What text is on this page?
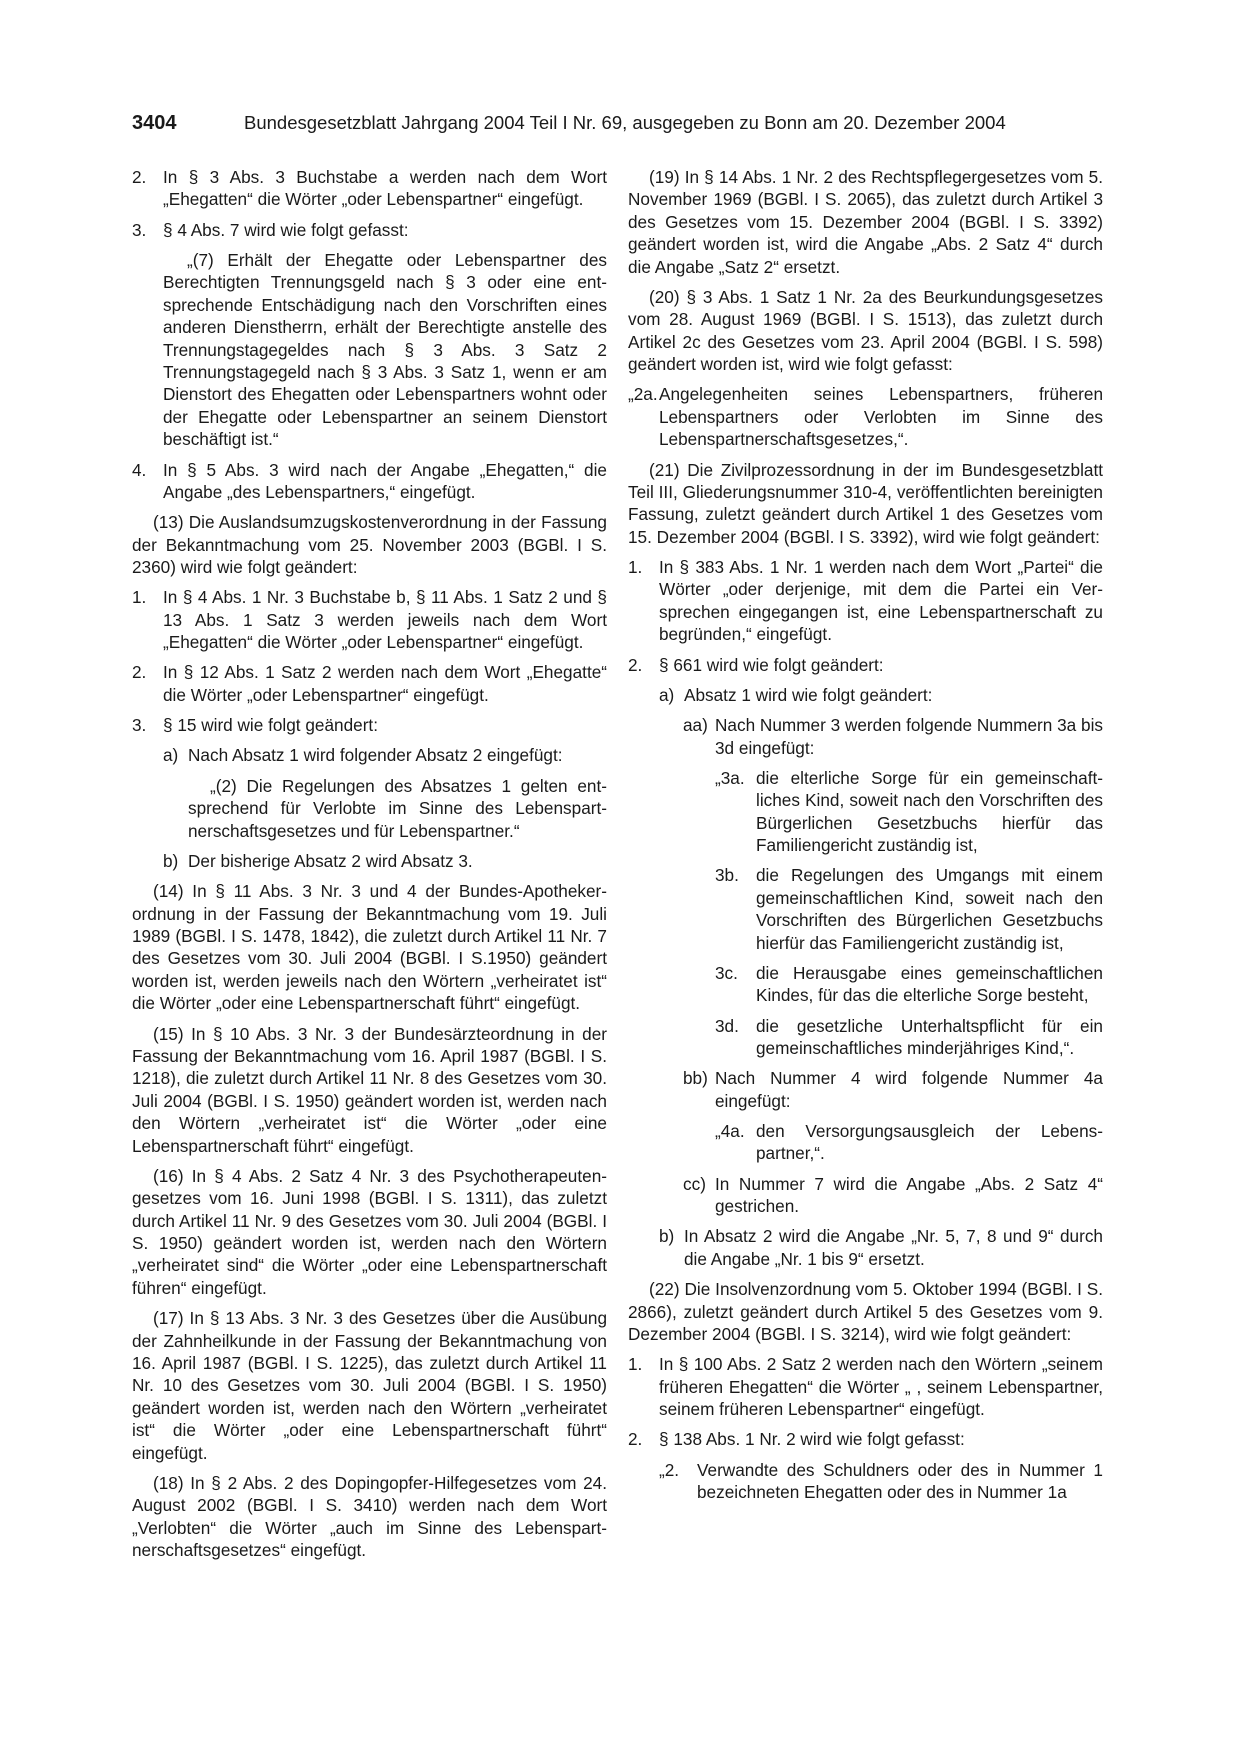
3404	Bundesgesetzblatt Jahrgang 2004 Teil I Nr. 69, ausgegeben zu Bonn am 20. Dezember 2004
2. In § 3 Abs. 3 Buchstabe a werden nach dem Wort „Ehegatten“ die Wörter „oder Lebenspartner“ eingefügt.
3. § 4 Abs. 7 wird wie folgt gefasst:
„(7) Erhält der Ehegatte oder Lebenspartner des Berechtigten Trennungsgeld nach § 3 oder eine entsprechende Entschädigung nach den Vorschriften eines anderen Dienstherrn, erhält der Berechtigte anstelle des Trennungstagegeldes nach § 3 Abs. 3 Satz 2 Trennungstagegeld nach § 3 Abs. 3 Satz 1, wenn er am Dienstort des Ehegatten oder Lebenspartners wohnt oder der Ehegatte oder Lebenspartner an seinem Dienstort beschäftigt ist.“
4. In § 5 Abs. 3 wird nach der Angabe „Ehegatten,“ die Angabe „des Lebenspartners,“ eingefügt.
(13) Die Auslandsumzugskostenverordnung in der Fassung der Bekanntmachung vom 25. November 2003 (BGBl. I S. 2360) wird wie folgt geändert:
1. In § 4 Abs. 1 Nr. 3 Buchstabe b, § 11 Abs. 1 Satz 2 und § 13 Abs. 1 Satz 3 werden jeweils nach dem Wort „Ehegatten“ die Wörter „oder Lebenspartner“ eingefügt.
2. In § 12 Abs. 1 Satz 2 werden nach dem Wort „Ehegatte“ die Wörter „oder Lebenspartner“ eingefügt.
3. § 15 wird wie folgt geändert:
a) Nach Absatz 1 wird folgender Absatz 2 eingefügt:
„(2) Die Regelungen des Absatzes 1 gelten entsprechend für Verlobte im Sinne des Lebenspartnerschaftsgesetzes und für Lebenspartner.“
b) Der bisherige Absatz 2 wird Absatz 3.
(14) In § 11 Abs. 3 Nr. 3 und 4 der Bundes-Apothekerordnung in der Fassung der Bekanntmachung vom 19. Juli 1989 (BGBl. I S. 1478, 1842), die zuletzt durch Artikel 11 Nr. 7 des Gesetzes vom 30. Juli 2004 (BGBl. I S.1950) geändert worden ist, werden jeweils nach den Wörtern „verheiratet ist“ die Wörter „oder eine Lebenspartnerschaft führt“ eingefügt.
(15) In § 10 Abs. 3 Nr. 3 der Bundesärzteordnung in der Fassung der Bekanntmachung vom 16. April 1987 (BGBl. I S. 1218), die zuletzt durch Artikel 11 Nr. 8 des Gesetzes vom 30. Juli 2004 (BGBl. I S. 1950) geändert worden ist, werden nach den Wörtern „verheiratet ist“ die Wörter „oder eine Lebenspartnerschaft führt“ eingefügt.
(16) In § 4 Abs. 2 Satz 4 Nr. 3 des Psychotherapeutengesetzes vom 16. Juni 1998 (BGBl. I S. 1311), das zuletzt durch Artikel 11 Nr. 9 des Gesetzes vom 30. Juli 2004 (BGBl. I S. 1950) geändert worden ist, werden nach den Wörtern „verheiratet sind“ die Wörter „oder eine Lebenspartnerschaft führen“ eingefügt.
(17) In § 13 Abs. 3 Nr. 3 des Gesetzes über die Ausübung der Zahnheilkunde in der Fassung der Bekanntmachung von 16. April 1987 (BGBl. I S. 1225), das zuletzt durch Artikel 11 Nr. 10 des Gesetzes vom 30. Juli 2004 (BGBl. I S. 1950) geändert worden ist, werden nach den Wörtern „verheiratet ist“ die Wörter „oder eine Lebenspartnerschaft führt“ eingefügt.
(18) In § 2 Abs. 2 des Dopingopfer-Hilfegesetzes vom 24. August 2002 (BGBl. I S. 3410) werden nach dem Wort „Verlobten“ die Wörter „auch im Sinne des Lebenspartnerschaftsgesetzes“ eingefügt.
(19) In § 14 Abs. 1 Nr. 2 des Rechtspflegergesetzes vom 5. November 1969 (BGBl. I S. 2065), das zuletzt durch Artikel 3 des Gesetzes vom 15. Dezember 2004 (BGBl. I S. 3392) geändert worden ist, wird die Angabe „Abs. 2 Satz 4“ durch die Angabe „Satz 2“ ersetzt.
(20) § 3 Abs. 1 Satz 1 Nr. 2a des Beurkundungsgesetzes vom 28. August 1969 (BGBl. I S. 1513), das zuletzt durch Artikel 2c des Gesetzes vom 23. April 2004 (BGBl. I S. 598) geändert worden ist, wird wie folgt gefasst:
„2a. Angelegenheiten seines Lebenspartners, früheren Lebenspartners oder Verlobten im Sinne des Lebenspartnerschaftsgesetzes,“.
(21) Die Zivilprozessordnung in der im Bundesgesetzblatt Teil III, Gliederungsnummer 310-4, veröffentlichten bereinigten Fassung, zuletzt geändert durch Artikel 1 des Gesetzes vom 15. Dezember 2004 (BGBl. I S. 3392), wird wie folgt geändert:
1. In § 383 Abs. 1 Nr. 1 werden nach dem Wort „Partei“ die Wörter „oder derjenige, mit dem die Partei ein Versprechen eingegangen ist, eine Lebenspartnerschaft zu begründen,“ eingefügt.
2. § 661 wird wie folgt geändert:
a) Absatz 1 wird wie folgt geändert:
aa) Nach Nummer 3 werden folgende Nummern 3a bis 3d eingefügt:
„3a. die elterliche Sorge für ein gemeinschaftliches Kind, soweit nach den Vorschriften des Bürgerlichen Gesetzbuchs hierfür das Familiengericht zuständig ist,
3b. die Regelungen des Umgangs mit einem gemeinschaftlichen Kind, soweit nach den Vorschriften des Bürgerlichen Gesetzbuchs hierfür das Familiengericht zuständig ist,
3c. die Herausgabe eines gemeinschaftlichen Kindes, für das die elterliche Sorge besteht,
3d. die gesetzliche Unterhaltspflicht für ein gemeinschaftliches minderjähriges Kind,“.
bb) Nach Nummer 4 wird folgende Nummer 4a eingefügt:
„4a. den Versorgungsausgleich der Lebenspartner,“.
cc) In Nummer 7 wird die Angabe „Abs. 2 Satz 4“ gestrichen.
b) In Absatz 2 wird die Angabe „Nr. 5, 7, 8 und 9“ durch die Angabe „Nr. 1 bis 9“ ersetzt.
(22) Die Insolvenzordnung vom 5. Oktober 1994 (BGBl. I S. 2866), zuletzt geändert durch Artikel 5 des Gesetzes vom 9. Dezember 2004 (BGBl. I S. 3214), wird wie folgt geändert:
1. In § 100 Abs. 2 Satz 2 werden nach den Wörtern „seinem früheren Ehegatten“ die Wörter „ , seinem Lebenspartner, seinem früheren Lebenspartner“ eingefügt.
2. § 138 Abs. 1 Nr. 2 wird wie folgt gefasst:
„2. Verwandte des Schuldners oder des in Nummer 1 bezeichneten Ehegatten oder des in Nummer 1a
